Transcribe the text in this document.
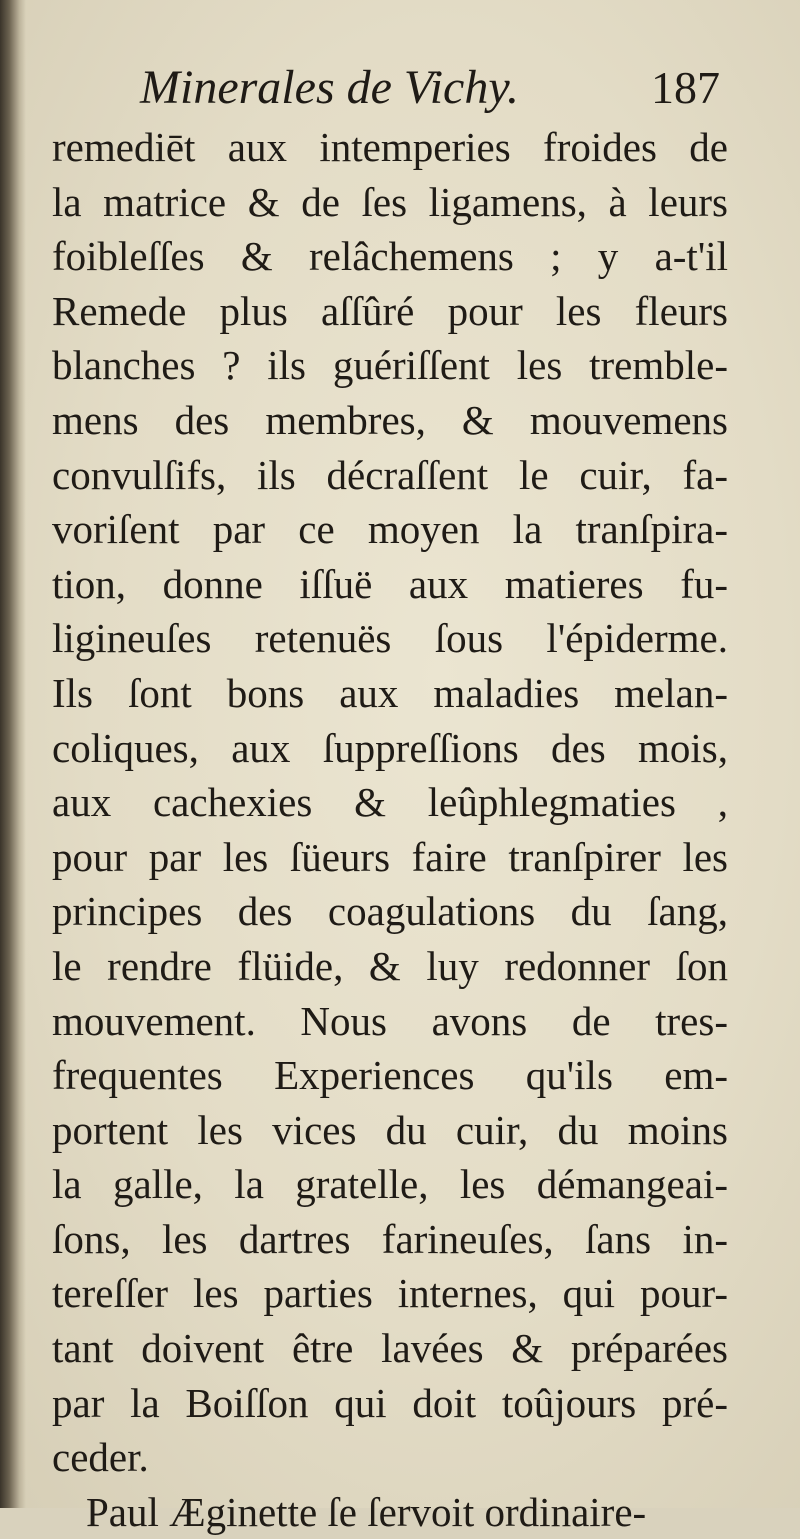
Minerales de Vichy.	187
remediēt aux intemperies froides de
la matrice & de ſes ligamens, à leurs
foibleſſes & relâchemens ; y a-t'il
Remede plus aſſûré pour les fleurs
blanches ? ils guériſſent les tremble-
mens des membres, & mouvemens
convulſifs, ils décraſſent le cuir, fa-
voriſent par ce moyen la tranſpira-
tion, donne iſſuë aux matieres fu-
ligineuſes retenuës ſous l'épiderme.
Ils ſont bons aux maladies melan-
coliques, aux ſuppreſſions des mois,
aux cachexies & leûphlegmaties ,
pour par les ſüeurs faire tranſpirer les
principes des coagulations du ſang,
le rendre flüide, & luy redonner ſon
mouvement. Nous avons de tres-
frequentes Experiences qu'ils em-
portent les vices du cuir, du moins
la galle, la gratelle, les démangeai-
ſons, les dartres farineuſes, ſans in-
tereſſer les parties internes, qui pour-
tant doivent être lavées & préparées
par la Boiſſon qui doit toûjours pré-
ceder.
Paul Æginette ſe ſervoit ordinaire-
